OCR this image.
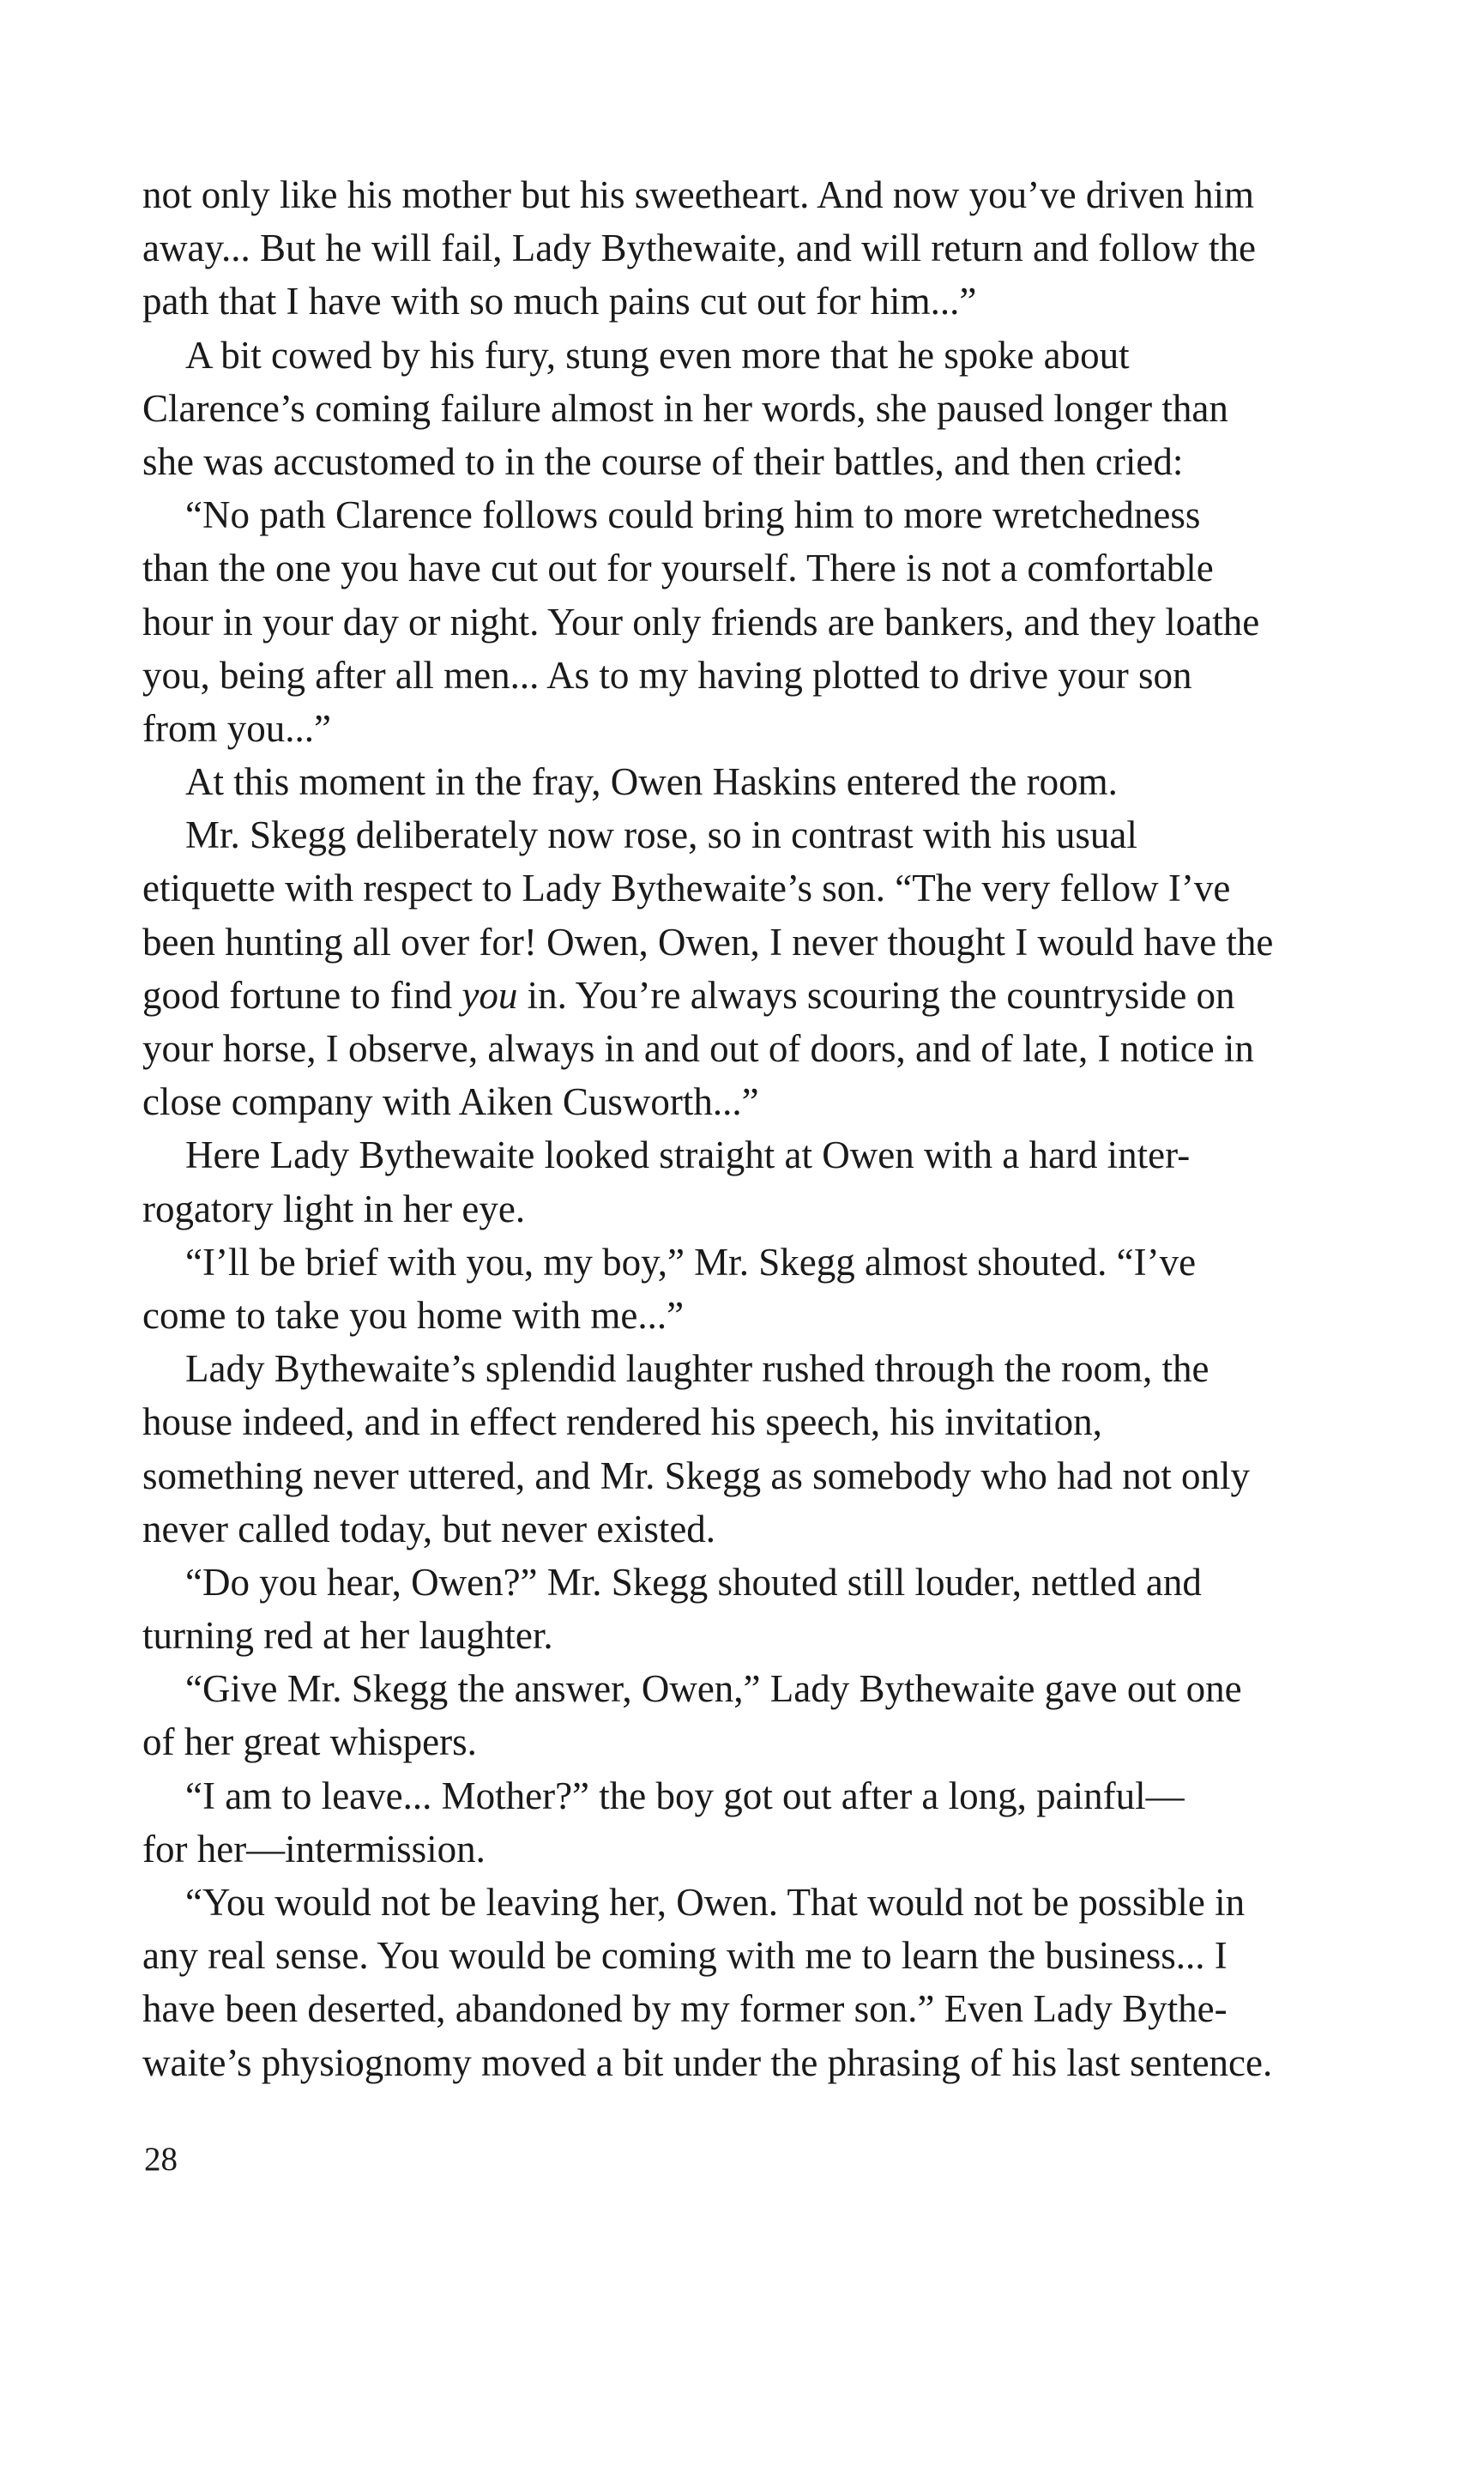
not only like his mother but his sweetheart. And now you’ve driven him
away... But he will fail, Lady Bythewaite, and will return and follow the
path that I have with so much pains cut out for him...”
A bit cowed by his fury, stung even more that he spoke about
Clarence’s coming failure almost in her words, she paused longer than
she was accustomed to in the course of their battles, and then cried:
“No path Clarence follows could bring him to more wretchedness
than the one you have cut out for yourself. There is not a comfortable
hour in your day or night. Your only friends are bankers, and they loathe
you, being after all men... As to my having plotted to drive your son
from you...”
At this moment in the fray, Owen Haskins entered the room.
Mr. Skegg deliberately now rose, so in contrast with his usual
etiquette with respect to Lady Bythewaite’s son. “The very fellow I’ve
been hunting all over for! Owen, Owen, I never thought I would have the
good fortune to find you in. You’re always scouring the countryside on
your horse, I observe, always in and out of doors, and of late, I notice in
close company with Aiken Cusworth...”
Here Lady Bythewaite looked straight at Owen with a hard inter-
rogatory light in her eye.
“I’ll be brief with you, my boy,” Mr. Skegg almost shouted. “I’ve
come to take you home with me...”
Lady Bythewaite’s splendid laughter rushed through the room, the
house indeed, and in effect rendered his speech, his invitation,
something never uttered, and Mr. Skegg as somebody who had not only
never called today, but never existed.
“Do you hear, Owen?” Mr. Skegg shouted still louder, nettled and
turning red at her laughter.
“Give Mr. Skegg the answer, Owen,” Lady Bythewaite gave out one
of her great whispers.
“I am to leave... Mother?” the boy got out after a long, painful—
for her—intermission.
“You would not be leaving her, Owen. That would not be possible in
any real sense. You would be coming with me to learn the business... I
have been deserted, abandoned by my former son.” Even Lady Bythe-
waite’s physiognomy moved a bit under the phrasing of his last sentence.
28
